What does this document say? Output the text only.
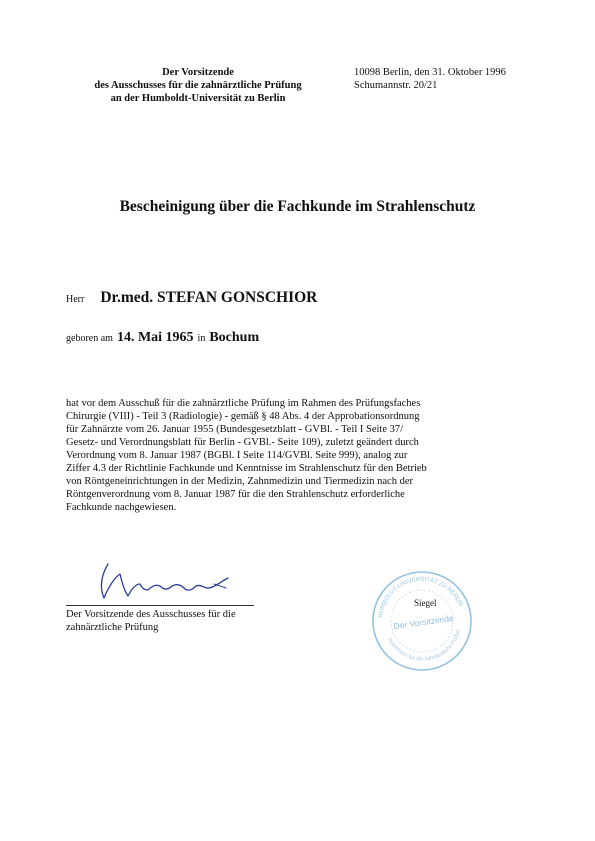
Der Vorsitzende
des Ausschusses für die zahnärztliche Prüfung
an der Humboldt-Universität zu Berlin
10098 Berlin, den 31. Oktober 1996
Schumannstr. 20/21
Bescheinigung über die Fachkunde im Strahlenschutz
Herr Dr.med. STEFAN GONSCHIOR
geboren am 14. Mai 1965 in Bochum
hat vor dem Ausschuß für die zahnärztliche Prüfung im Rahmen des Prüfungsfaches
Chirurgie (VIII) - Teil 3 (Radiologie) - gemäß § 48 Abs. 4 der Approbationsordnung
für Zahnärzte vom 26. Januar 1955 (Bundesgesetzblatt - GVBl. - Teil I Seite 37/
Gesetz- und Verordnungsblatt für Berlin - GVBl.- Seite 109), zuletzt geändert durch
Verordnung vom 8. Januar 1987 (BGBl. I Seite 114/GVBl. Seite 999), analog zur
Ziffer 4.3 der Richtlinie Fachkunde und Kenntnisse im Strahlenschutz für den Betrieb
von Röntgeneinrichtungen in der Medizin, Zahnmedizin und Tiermedizin nach der
Röntgenverordnung vom 8. Januar 1987 für die den Strahlenschutz erforderliche
Fachkunde nachgewiesen.
Der Vorsitzende des Ausschusses für die
zahnärztliche Prüfung
HUMBOLDT-UNIVERSITÄT ZU BERLIN
Ausschuss für die zahnärztliche Prüfun
Der Vorsitzende
Siegel
